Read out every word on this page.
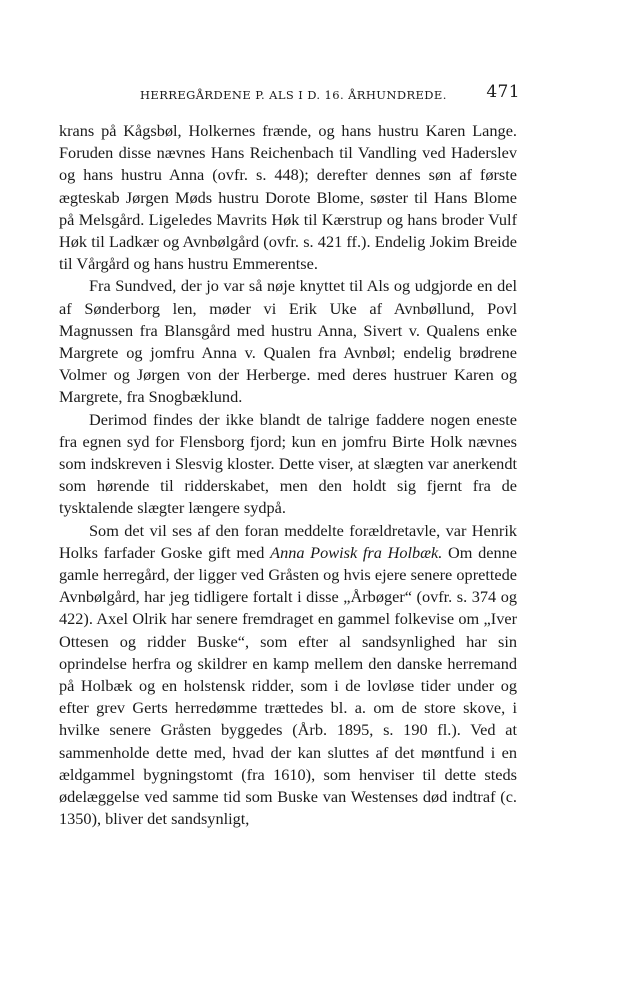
HERREGÅRDENE P. ALS I D. 16. ÅRHUNDREDE. 471

krans på Kågsbøl, Holkernes frænde, og hans hustru Karen Lange. Foruden disse nævnes Hans Reichenbach til Vandling ved Haderslev og hans hustru Anna (ovfr. s. 448); derefter dennes søn af første ægteskab Jørgen Møds hustru Dorote Blome, søster til Hans Blome på Melsgård. Ligeledes Mavrits Høk til Kærstrup og hans broder Vulf Høk til Ladkær og Avnbølgård (ovfr. s. 421 ff.). Endelig Jokim Breide til Vårgård og hans hustru Emmerentse.

Fra Sundved, der jo var så nøje knyttet til Als og udgjorde en del af Sønderborg len, møder vi Erik Uke af Avnbøllund, Povl Magnussen fra Blansgård med hustru Anna, Sivert v. Qualens enke Margrete og jomfru Anna v. Qualen fra Avnbøl; endelig brødrene Volmer og Jørgen von der Herberge. med deres hustruer Karen og Margrete, fra Snogbæklund.

Derimod findes der ikke blandt de talrige faddere nogen eneste fra egnen syd for Flensborg fjord; kun en jomfru Birte Holk nævnes som indskreven i Slesvig kloster. Dette viser, at slægten var anerkendt som hørende til ridderskabet, men den holdt sig fjernt fra de tysktalende slægter længere sydpå.

Som det vil ses af den foran meddelte forældretavle, var Henrik Holks farfader Goske gift med Anna Powisk fra Holbæk. Om denne gamle herregård, der ligger ved Gråsten og hvis ejere senere oprettede Avnbølgård, har jeg tidligere fortalt i disse „Årbøger“ (ovfr. s. 374 og 422). Axel Olrik har senere fremdraget en gammel folkevise om „Iver Ottesen og ridder Buske“, som efter al sandsynlighed har sin oprindelse herfra og skildrer en kamp mellem den danske herremand på Holbæk og en holstensk ridder, som i de lovløse tider under og efter grev Gerts herredømme trættedes bl. a. om de store skove, i hvilke senere Gråsten byggedes (Årb. 1895, s. 190 fl.). Ved at sammenholde dette med, hvad der kan sluttes af det møntfund i en ældgammel bygningstomt (fra 1610), som henviser til dette steds ødelæggelse ved samme tid som Buske van Westenses død indtraf (c. 1350), bliver det sandsynligt,
